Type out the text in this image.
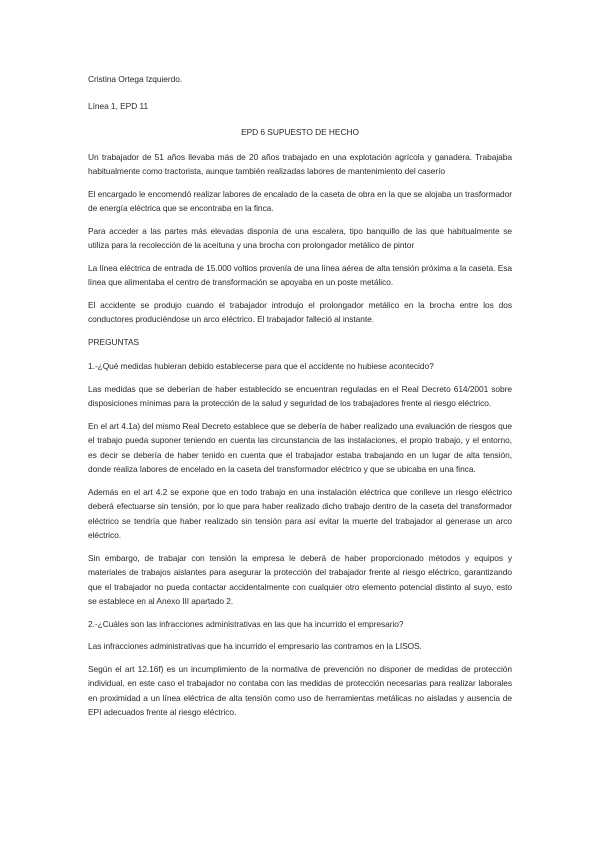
Cristina Ortega Izquierdo.

Línea 1, EPD 11

EPD 6 SUPUESTO DE HECHO

Un trabajador de 51 años llevaba más de 20 años trabajado en una explotación agrícola y ganadera. Trabajaba habitualmente como tractorista, aunque también realizadas labores de mantenimiento del caserío

El encargado le encomendó realizar labores de encalado de la caseta de obra en la que se alojaba un trasformador de energía eléctrica que se encontraba en la finca.

Para acceder a las partes más elevadas disponía de una escalera, tipo banquillo de las que habitualmente se utiliza para la recolección de la aceituna y una brocha con prolongador metálico de pintor

La línea eléctrica de entrada de 15.000 voltios provenía de una línea aérea de alta tensión próxima a la caseta. Esa línea que alimentaba el centro de transformación se apoyaba en un poste metálico.

El accidente se produjo cuando el trabajador introdujo el prolongador metálico en la brocha entre los dos conductores produciéndose un arco eléctrico. El trabajador falleció al instante.

PREGUNTAS

1.-¿Qué medidas hubieran debido establecerse para que el accidente no hubiese acontecido?

Las medidas que se deberían de haber establecido se encuentran reguladas en el Real Decreto 614/2001 sobre disposiciones mínimas para la protección de la salud y seguridad de los trabajadores frente al riesgo eléctrico.

En el art 4.1a) del mismo Real Decreto establece que se debería de haber realizado una evaluación de riesgos que el trabajo pueda suponer teniendo en cuenta las circunstancia de las instalaciones, el propio trabajo, y el entorno, es decir se debería de haber tenido en cuenta que el trabajador estaba trabajando en un lugar de alta tensión, donde realiza labores de encelado en la caseta del transformador eléctrico y que se ubicaba en una finca.

Además en el art 4.2 se expone que en todo trabajo en una instalación eléctrica que conlleve un riesgo eléctrico deberá efectuarse sin tensión, por lo que para haber realizado dicho trabajo dentro de la caseta del transformador eléctrico se tendría que haber realizado sin tensión para así evitar la muerte del trabajador al generase un arco eléctrico.

Sin embargo, de trabajar con tensión la empresa le deberá de haber proporcionado métodos y equipos y materiales de trabajos aislantes para asegurar la protección del trabajador frente al riesgo eléctrico, garantizando que el trabajador no pueda contactar accidentalmente con cualquier otro elemento potencial distinto al suyo, esto se establece en al Anexo III apartado 2.

2.-¿Cuáles son las infracciones administrativas en las que ha incurrido el empresario?

Las infracciones administrativas que ha incurrido el empresario las contramos en la LISOS.

Según el art 12.16f) es un incumplimiento de la normativa de prevención no disponer de medidas de protección individual, en este caso el trabajador no contaba con las medidas de protección necesarias para realizar laborales en proximidad a un línea eléctrica de alta tensión como uso de herramientas metálicas no aisladas y ausencia de EPI adecuados frente al riesgo eléctrico.
